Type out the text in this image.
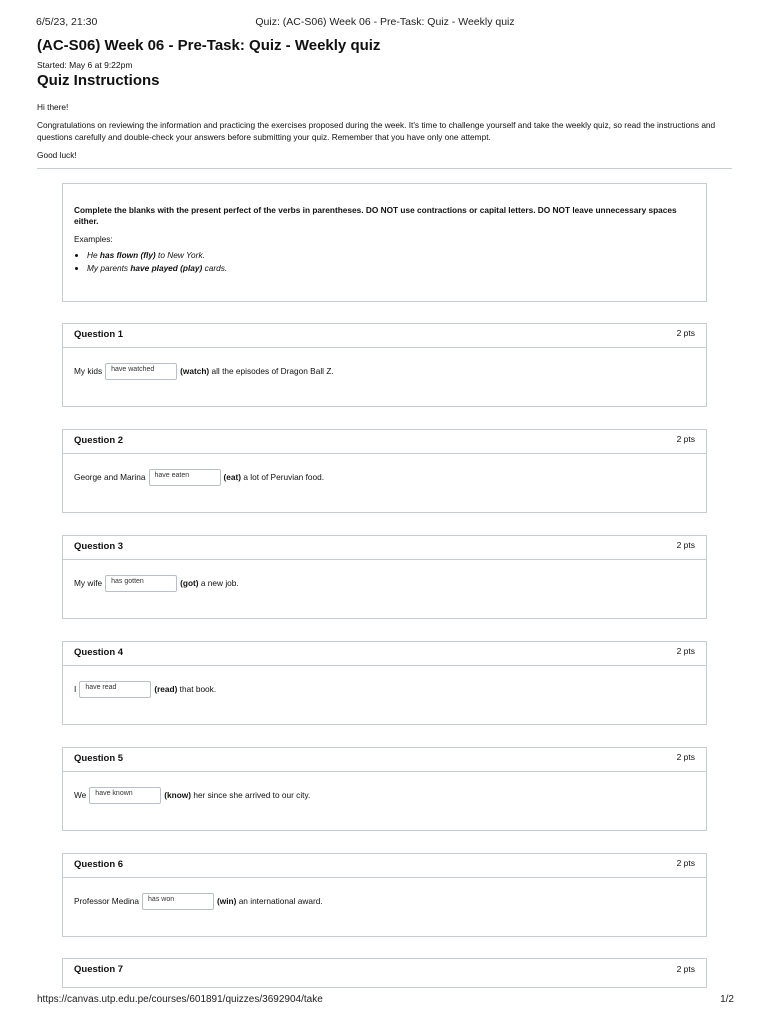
6/5/23, 21:30	Quiz: (AC-S06) Week 06 - Pre-Task: Quiz - Weekly quiz
(AC-S06) Week 06 - Pre-Task: Quiz - Weekly quiz
Started: May 6 at 9:22pm
Quiz Instructions

Hi there!

Congratulations on reviewing the information and practicing the exercises proposed during the week. It's time to challenge yourself and take the weekly quiz, so read the instructions and questions carefully and double-check your answers before submitting your quiz. Remember that you have only one attempt.

Good luck!

Complete the blanks with the present perfect of the verbs in parentheses. DO NOT use contractions or capital letters. DO NOT leave unnecessary spaces either.

Examples:

• He has flown (fly) to New York.
• My parents have played (play) cards.
Question 1	2 pts
My kids	have watched	(watch) all the episodes of Dragon Ball Z.
Question 2	2 pts
George and Marina	have eaten	(eat) a lot of Peruvian food.
Question 3	2 pts
My wife	has gotten	(got) a new job.
Question 4	2 pts
I	have read	(read) that book.
Question 5	2 pts
We	have known	(know) her since she arrived to our city.
Question 6	2 pts
Professor Medina	has won	(win) an international award.
Question 7	2 pts
https://canvas.utp.edu.pe/courses/601891/quizzes/3692904/take	1/2
